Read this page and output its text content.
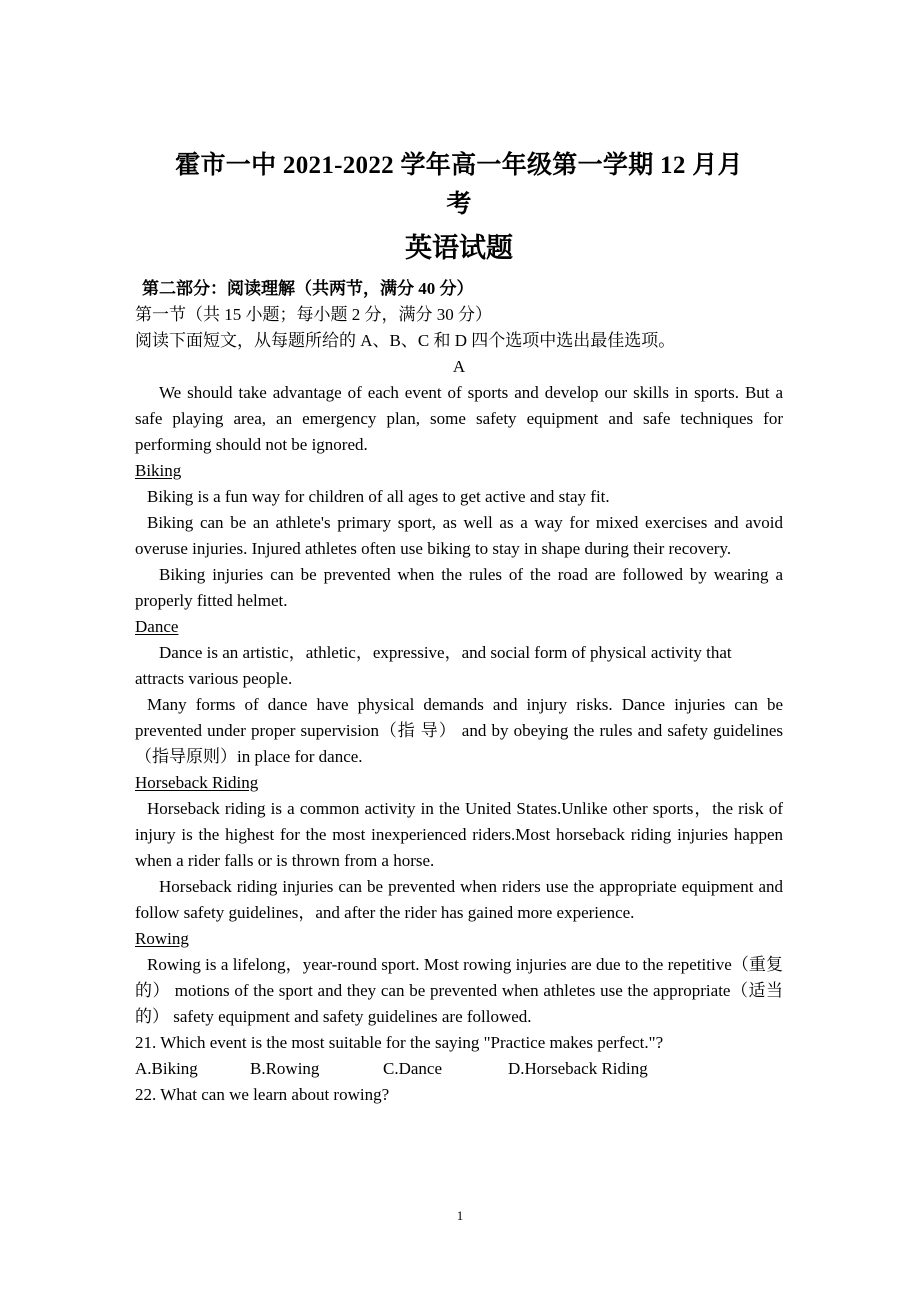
霍市一中 2021-2022 学年高一年级第一学期 12 月月
考
英语试题

第二部分：阅读理解（共两节，满分 40 分）

第一节（共 15 小题；每小题 2 分，满分 30 分）

阅读下面短文，从每题所给的 A、B、C 和 D 四个选项中选出最佳选项。

A

We should take advantage of each event of sports and develop our skills in sports. But a safe playing area, an emergency plan, some safety equipment and safe techniques for performing should not be ignored.

Biking

Biking is a fun way for children of all ages to get active and stay fit.

Biking can be an athlete's primary sport, as well as a way for mixed exercises and avoid overuse injuries. Injured athletes often use biking to stay in shape during their recovery.

Biking injuries can be prevented when the rules of the road are followed by wearing a properly fitted helmet.

Dance

Dance is an artistic，athletic，expressive，and social form of physical activity that attracts various people.

Many forms of dance have physical demands and injury risks. Dance injuries can be prevented under proper supervision（指 导） and by obeying the rules and safety guidelines（指导原则）in place for dance.

Horseback Riding

Horseback riding is a common activity in the United States.Unlike other sports，the risk of injury is the highest for the most inexperienced riders.Most horseback riding injuries happen when a rider falls or is thrown from a horse.

Horseback riding injuries can be prevented when riders use the appropriate equipment and follow safety guidelines，and after the rider has gained more experience.

Rowing

Rowing is a lifelong，year-round sport. Most rowing injuries are due to the repetitive（重复的） motions of the sport and they can be prevented when athletes use the appropriate（适当的） safety equipment and safety guidelines are followed.

21. Which event is the most suitable for the saying "Practice makes perfect."?

A.Biking	B.Rowing	C.Dance	D.Horseback Riding

22. What can we learn about rowing?

1
